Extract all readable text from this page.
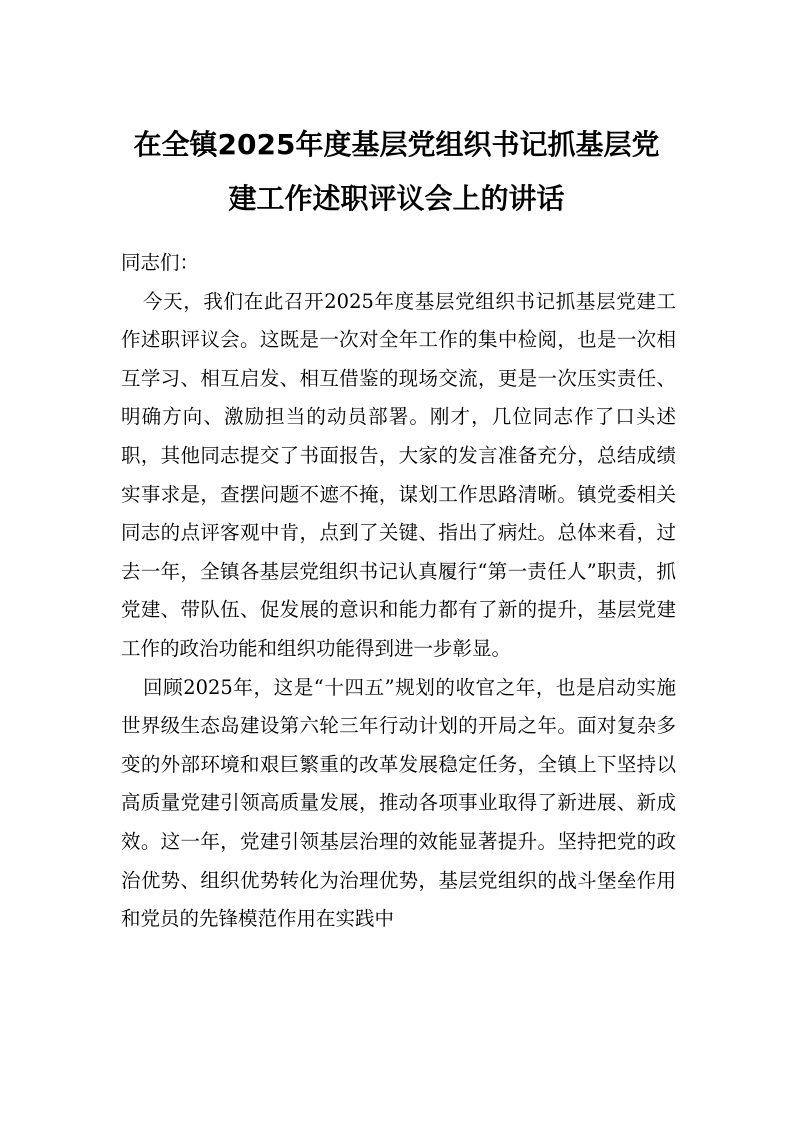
在全镇2025年度基层党组织书记抓基层党
建工作述职评议会上的讲话

同志们：

今天，我们在此召开2025年度基层党组织书记抓基层党建工作述职评议会。这既是一次对全年工作的集中检阅，也是一次相互学习、相互启发、相互借鉴的现场交流，更是一次压实责任、明确方向、激励担当的动员部署。刚才，几位同志作了口头述职，其他同志提交了书面报告，大家的发言准备充分，总结成绩实事求是，查摆问题不遮不掩，谋划工作思路清晰。镇党委相关同志的点评客观中肯，点到了关键、指出了病灶。总体来看，过去一年，全镇各基层党组织书记认真履行“第一责任人”职责，抓党建、带队伍、促发展的意识和能力都有了新的提升，基层党建工作的政治功能和组织功能得到进一步彰显。

回顾2025年，这是“十四五”规划的收官之年，也是启动实施世界级生态岛建设第六轮三年行动计划的开局之年。面对复杂多变的外部环境和艰巨繁重的改革发展稳定任务，全镇上下坚持以高质量党建引领高质量发展，推动各项事业取得了新进展、新成效。这一年，党建引领基层治理的效能显著提升。坚持把党的政治优势、组织优势转化为治理优势，基层党组织的战斗堡垒作用和党员的先锋模范作用在实践中
